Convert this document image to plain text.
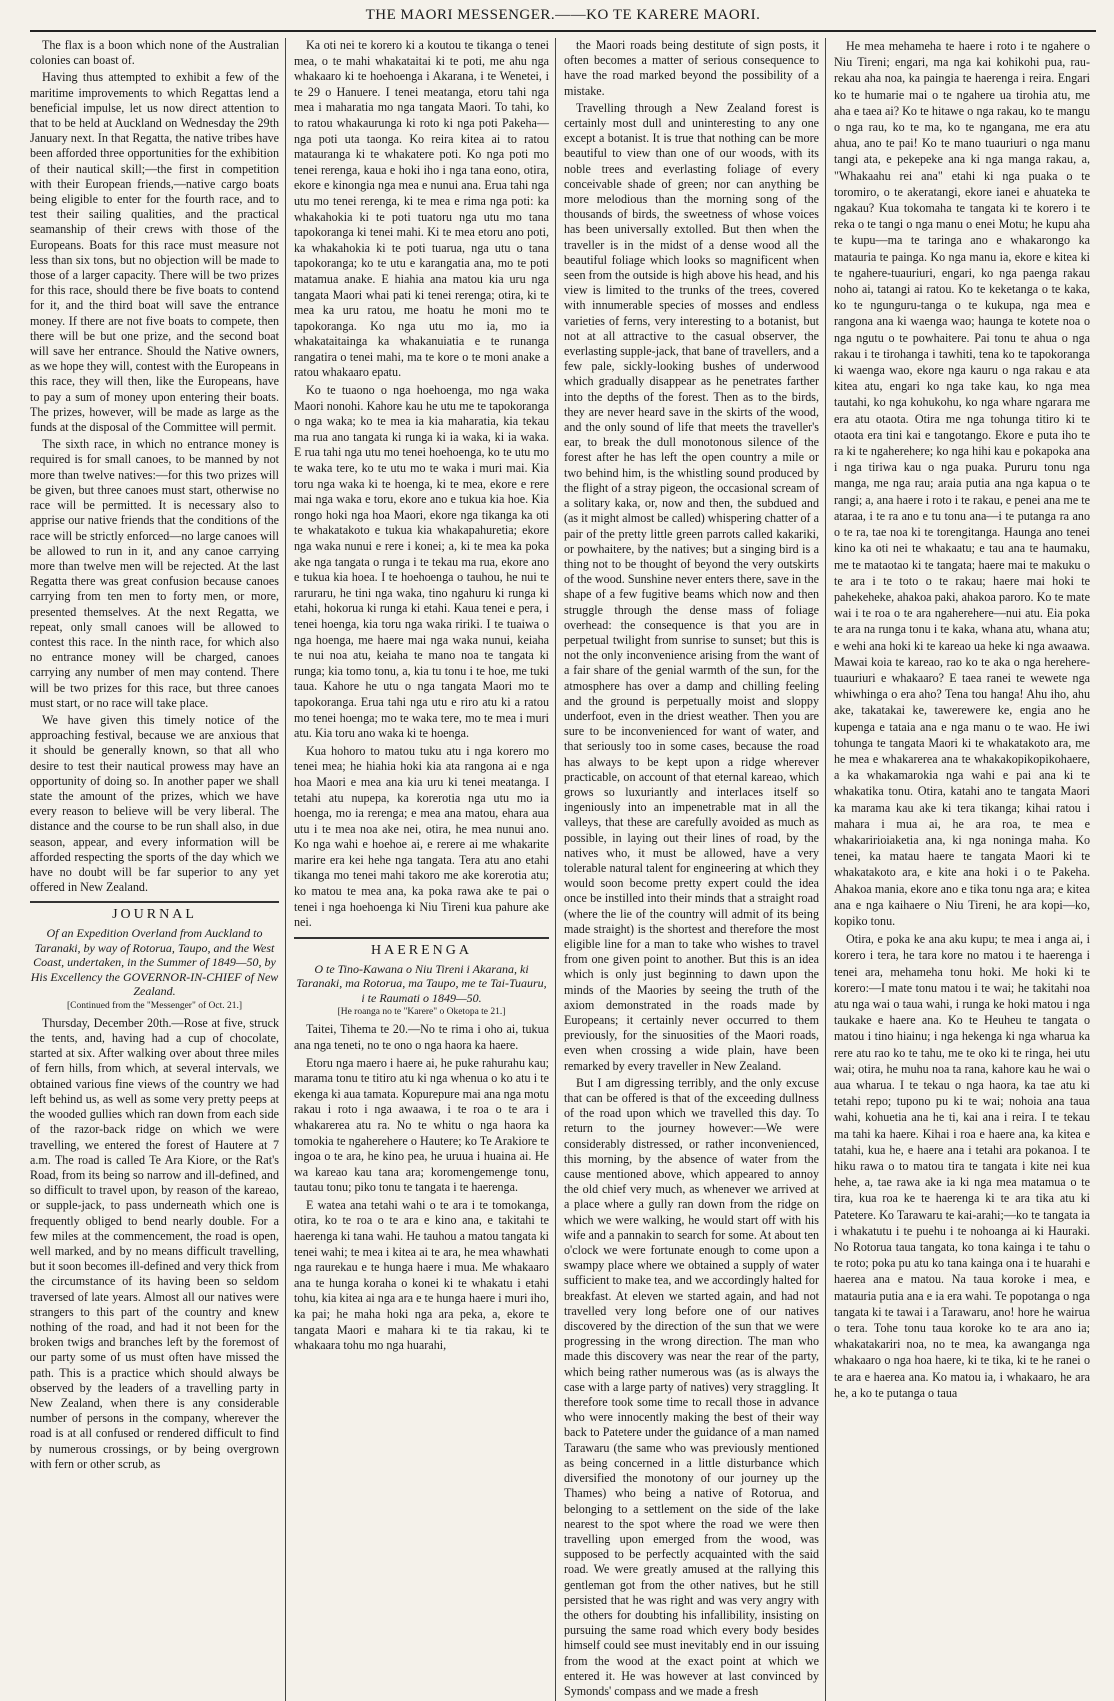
THE MAORI MESSENGER.——KO TE KARERE MAORI.

The flax is a boon which none of the Australian colonies can boast of.

Having thus attempted to exhibit a few of the maritime improvements to which Regattas lend a beneficial impulse, let us now direct attention to that to be held at Auckland on Wednesday the 29th January next. In that Regatta, the native tribes have been afforded three opportunities for the exhibition of their nautical skill;—the first in competition with their European friends,—native cargo boats being eligible to enter for the fourth race, and to test their sailing qualities, and the practical seamanship of their crews with those of the Europeans. Boats for this race must measure not less than six tons, but no objection will be made to those of a larger capacity. There will be two prizes for this race, should there be five boats to contend for it, and the third boat will save the entrance money. If there are not five boats to compete, then there will be but one prize, and the second boat will save her entrance. Should the Native owners, as we hope they will, contest with the Europeans in this race, they will then, like the Europeans, have to pay a sum of money upon entering their boats. The prizes, however, will be made as large as the funds at the disposal of the Committee will permit.

The sixth race, in which no entrance money is required is for small canoes, to be manned by not more than twelve natives:—for this two prizes will be given, but three canoes must start, otherwise no race will be permitted. It is necessary also to apprise our native friends that the conditions of the race will be strictly enforced—no large canoes will be allowed to run in it, and any canoe carrying more than twelve men will be rejected. At the last Regatta there was great confusion because canoes carrying from ten men to forty men, or more, presented themselves. At the next Regatta, we repeat, only small canoes will be allowed to contest this race. In the ninth race, for which also no entrance money will be charged, canoes carrying any number of men may contend. There will be two prizes for this race, but three canoes must start, or no race will take place.

We have given this timely notice of the approaching festival, because we are anxious that it should be generally known, so that all who desire to test their nautical prowess may have an opportunity of doing so. In another paper we shall state the amount of the prizes, which we have every reason to believe will be very liberal. The distance and the course to be run shall also, in due season, appear, and every information will be afforded respecting the sports of the day which we have no doubt will be far superior to any yet offered in New Zealand.

JOURNAL
Of an Expedition Overland from Auckland to Taranaki, by way of Rotorua, Taupo, and the West Coast, undertaken, in the Summer of 1849—50, by His Excellency the GOVERNOR-IN-CHIEF of New Zealand.
[Continued from the "Messenger" of Oct. 21.]

Thursday, December 20th.—Rose at five, struck the tents, and, having had a cup of chocolate, started at six. After walking over about three miles of fern hills, from which, at several intervals, we obtained various fine views of the country we had left behind us, as well as some very pretty peeps at the wooded gullies which ran down from each side of the razor-back ridge on which we were travelling, we entered the forest of Hautere at 7 a.m. The road is called Te Ara Kiore, or the Rat's Road, from its being so narrow and ill-defined, and so difficult to travel upon, by reason of the kareao, or supple-jack, to pass underneath which one is frequently obliged to bend nearly double. For a few miles at the commencement, the road is open, well marked, and by no means difficult travelling, but it soon becomes ill-defined and very thick from the circumstance of its having been so seldom traversed of late years. Almost all our natives were strangers to this part of the country and knew nothing of the road, and had it not been for the broken twigs and branches left by the foremost of our party some of us must often have missed the path. This is a practice which should always be observed by the leaders of a travelling party in New Zealand, when there is any considerable number of persons in the company, wherever the road is at all confused or rendered difficult to find by numerous crossings, or by being overgrown with fern or other scrub, as

Ka oti nei te korero ki a koutou te tikanga o tenei mea, o te mahi whakataitai ki te poti, me ahu nga whakaaro ki te hoehoenga i Akarana, i te Wenetei, i te 29 o Hanuere. I tenei meatanga, etoru tahi nga mea i maharatia mo nga tangata Maori. To tahi, ko to ratou whakaurunga ki roto ki nga poti Pakeha—nga poti uta taonga. Ko reira kitea ai to ratou matauranga ki te whakatere poti. Ko nga poti mo tenei rerenga, kaua e hoki iho i nga tana eono, otira, ekore e kinongia nga mea e nunui ana. Erua tahi nga utu mo tenei rerenga, ki te mea e rima nga poti: ka whakahokia ki te poti tuatoru nga utu mo tana tapokoranga ki tenei mahi. Ki te mea etoru ano poti, ka whakahokia ki te poti tuarua, nga utu o tana tapokoranga; ko te utu e karangatia ana, mo te poti matamua anake. E hiahia ana matou kia uru nga tangata Maori whai pati ki tenei rerenga; otira, ki te mea ka uru ratou, me hoatu he moni mo te tapokoranga. Ko nga utu mo ia, mo ia whakataitainga ka whakanuiatia e te runanga rangatira o tenei mahi, ma te kore o te moni anake a ratou whakaaro epatu.

Ko te tuaono o nga hoehoenga, mo nga waka Maori nonohi. Kahore kau he utu me te tapokoranga o nga waka; ko te mea ia kia maharatia, kia tekau ma rua ano tangata ki runga ki ia waka, ki ia waka. E rua tahi nga utu mo tenei hoehoenga, ko te utu mo te waka tere, ko te utu mo te waka i muri mai. Kia toru nga waka ki te hoenga, ki te mea, ekore e rere mai nga waka e toru, ekore ano e tukua kia hoe. Kia rongo hoki nga hoa Maori, ekore nga tikanga ka oti te whakatakoto e tukua kia whakapahuretia; ekore nga waka nunui e rere i konei; a, ki te mea ka poka ake nga tangata o runga i te tekau ma rua, ekore ano e tukua kia hoea. I te hoehoenga o tauhou, he nui te raruraru, he tini nga waka, tino ngahuru ki runga ki etahi, hokorua ki runga ki etahi. Kaua tenei e pera, i tenei hoenga, kia toru nga waka ririki. I te tuaiwa o nga hoenga, me haere mai nga waka nunui, keiaha te nui noa atu, keiaha te mano noa te tangata ki runga; kia tomo tonu, a, kia tu tonu i te hoe, me tuki taua. Kahore he utu o nga tangata Maori mo te tapokoranga. Erua tahi nga utu e riro atu ki a ratou mo tenei hoenga; mo te waka tere, mo te mea i muri atu. Kia toru ano waka ki te hoenga.

Kua hohoro to matou tuku atu i nga korero mo tenei mea; he hiahia hoki kia ata rangona ai e nga hoa Maori e mea ana kia uru ki tenei meatanga. I tetahi atu nupepa, ka korerotia nga utu mo ia hoenga, mo ia rerenga; e mea ana matou, ehara aua utu i te mea noa ake nei, otira, he mea nunui ano. Ko nga wahi e hoehoe ai, e rerere ai me whakarite marire era kei hehe nga tangata. Tera atu ano etahi tikanga mo tenei mahi takoro me ake korerotia atu; ko matou te mea ana, ka poka rawa ake te pai o tenei i nga hoehoenga ki Niu Tireni kua pahure ake nei.

HAERENGA
O te Tino-Kawana o Niu Tireni i Akarana, ki Taranaki, ma Rotorua, ma Taupo, me te Tai-Tuauru, i te Raumati o 1849—50.
[He roanga no te "Karere" o Oketopa te 21.]

Taitei, Tihema te 20.—No te rima i oho ai, tukua ana nga teneti, no te ono o nga haora ka haere.

Etoru nga maero i haere ai, he puke rahurahu kau; marama tonu te titiro atu ki nga whenua o ko atu i te ekenga ki aua tamata. Kopurepure mai ana nga motu rakau i roto i nga awaawa, i te roa o te ara i whakarerea atu ra. No te whitu o nga haora ka tomokia te ngaherehere o Hautere; ko Te Arakiore te ingoa o te ara, he kino pea, he uruua i huaina ai. He wa kareao kau tana ara; koromengemenge tonu, tautau tonu; piko tonu te tangata i te haerenga.

E watea ana tetahi wahi o te ara i te tomokanga, otira, ko te roa o te ara e kino ana, e takitahi te haerenga ki tana wahi. He tauhou a matou tangata ki tenei wahi; te mea i kitea ai te ara, he mea whawhati nga raurekau e te hunga haere i mua. Me whakaaro ana te hunga koraha o konei ki te whakatu i etahi tohu, kia kitea ai nga ara e te hunga haere i muri iho, ka pai; he maha hoki nga ara peka, a, ekore te tangata Maori e mahara ki te tia rakau, ki te whakaara tohu mo nga huarahi,

the Maori roads being destitute of sign posts, it often becomes a matter of serious consequence to have the road marked beyond the possibility of a mistake.

Travelling through a New Zealand forest is certainly most dull and uninteresting to any one except a botanist. It is true that nothing can be more beautiful to view than one of our woods, with its noble trees and everlasting foliage of every conceivable shade of green; nor can anything be more melodious than the morning song of the thousands of birds, the sweetness of whose voices has been universally extolled. But then when the traveller is in the midst of a dense wood all the beautiful foliage which looks so magnificent when seen from the outside is high above his head, and his view is limited to the trunks of the trees, covered with innumerable species of mosses and endless varieties of ferns, very interesting to a botanist, but not at all attractive to the casual observer, the everlasting supple-jack, that bane of travellers, and a few pale, sickly-looking bushes of underwood which gradually disappear as he penetrates farther into the depths of the forest. Then as to the birds, they are never heard save in the skirts of the wood, and the only sound of life that meets the traveller's ear, to break the dull monotonous silence of the forest after he has left the open country a mile or two behind him, is the whistling sound produced by the flight of a stray pigeon, the occasional scream of a solitary kaka, or, now and then, the subdued and (as it might almost be called) whispering chatter of a pair of the pretty little green parrots called kakariki, or powhaitere, by the natives; but a singing bird is a thing not to be thought of beyond the very outskirts of the wood. Sunshine never enters there, save in the shape of a few fugitive beams which now and then struggle through the dense mass of foliage overhead: the consequence is that you are in perpetual twilight from sunrise to sunset; but this is not the only inconvenience arising from the want of a fair share of the genial warmth of the sun, for the atmosphere has over a damp and chilling feeling and the ground is perpetually moist and sloppy underfoot, even in the driest weather. Then you are sure to be inconvenienced for want of water, and that seriously too in some cases, because the road has always to be kept upon a ridge wherever practicable, on account of that eternal kareao, which grows so luxuriantly and interlaces itself so ingeniously into an impenetrable mat in all the valleys, that these are carefully avoided as much as possible, in laying out their lines of road, by the natives who, it must be allowed, have a very tolerable natural talent for engineering at which they would soon become pretty expert could the idea once be instilled into their minds that a straight road (where the lie of the country will admit of its being made straight) is the shortest and therefore the most eligible line for a man to take who wishes to travel from one given point to another. But this is an idea which is only just beginning to dawn upon the minds of the Maories by seeing the truth of the axiom demonstrated in the roads made by Europeans; it certainly never occurred to them previously, for the sinuosities of the Maori roads, even when crossing a wide plain, have been remarked by every traveller in New Zealand.

But I am digressing terribly, and the only excuse that can be offered is that of the exceeding dullness of the road upon which we travelled this day. To return to the journey however:—We were considerably distressed, or rather inconvenienced, this morning, by the absence of water from the cause mentioned above, which appeared to annoy the old chief very much, as whenever we arrived at a place where a gully ran down from the ridge on which we were walking, he would start off with his wife and a pannakin to search for some. At about ten o'clock we were fortunate enough to come upon a swampy place where we obtained a supply of water sufficient to make tea, and we accordingly halted for breakfast. At eleven we started again, and had not travelled very long before one of our natives discovered by the direction of the sun that we were progressing in the wrong direction. The man who made this discovery was near the rear of the party, which being rather numerous was (as is always the case with a large party of natives) very straggling. It therefore took some time to recall those in advance who were innocently making the best of their way back to Patetere under the guidance of a man named Tarawaru (the same who was previously mentioned as being concerned in a little disturbance which diversified the monotony of our journey up the Thames) who being a native of Rotorua, and belonging to a settlement on the side of the lake nearest to the spot where the road we were then travelling upon emerged from the wood, was supposed to be perfectly acquainted with the said road. We were greatly amused at the rallying this gentleman got from the other natives, but he still persisted that he was right and was very angry with the others for doubting his infallibility, insisting on pursuing the same road which every body besides himself could see must inevitably end in our issuing from the wood at the exact point at which we entered it. He was however at last convinced by Symonds' compass and we made a fresh

He mea mehameha te haere i roto i te ngahere o Niu Tireni; engari, ma nga kai kohikohi pua, rau-rekau aha noa, ka paingia te haerenga i reira. Engari ko te humarie mai o te ngahere ua tirohia atu, me aha e taea ai? Ko te hitawe o nga rakau, ko te mangu o nga rau, ko te ma, ko te ngangana, me era atu ahua, ano te pai! Ko te mano tuauriuri o nga manu tangi ata, e pekepeke ana ki nga manga rakau, a, "Whakaahu rei ana" etahi ki nga puaka o te toromiro, o te akeratangi, ekore ianei e ahuateka te ngakau? Kua tokomaha te tangata ki te korero i te reka o te tangi o nga manu o enei Motu; he kupu aha te kupu—ma te taringa ano e whakarongo ka matauria te painga. Ko nga manu ia, ekore e kitea ki te ngahere-tuauriuri, engari, ko nga paenga rakau noho ai, tatangi ai ratou. Ko te keketanga o te kaka, ko te ngunguru-tanga o te kukupa, nga mea e rangona ana ki waenga wao; haunga te kotete noa o nga ngutu o te powhaitere. Pai tonu te ahua o nga rakau i te tirohanga i tawhiti, tena ko te tapokoranga ki waenga wao, ekore nga kauru o nga rakau e ata kitea atu, engari ko nga take kau, ko nga mea tautahi, ko nga kohukohu, ko nga whare ngarara me era atu otaota. Otira me nga tohunga titiro ki te otaota era tini kai e tangotango. Ekore e puta iho te ra ki te ngaherehere; ko nga hihi kau e pokapoka ana i nga tiriwa kau o nga puaka. Pururu tonu nga manga, me nga rau; araia putia ana nga kapua o te rangi; a, ana haere i roto i te rakau, e penei ana me te ataraa, i te ra ano e tu tonu ana—i te putanga ra ano o te ra, tae noa ki te torengitanga. Haunga ano tenei kino ka oti nei te whakaatu; e tau ana te haumaku, me te mataotao ki te tangata; haere mai te makuku o te ara i te toto o te rakau; haere mai hoki te pahekeheke, ahakoa paki, ahakoa paroro. Ko te mate wai i te roa o te ara ngaherehere—nui atu. Eia poka te ara na runga tonu i te kaka, whana atu, whana atu; e wehi ana hoki ki te kareao ua heke ki nga awaawa. Mawai koia te kareao, rao ko te aka o nga herehere-tuauriuri e whakaaro? E taea ranei te wewete nga whiwhinga o era aho? Tena tou hanga! Ahu iho, ahu ake, takatakai ke, tawerewere ke, engia ano he kupenga e tataia ana e nga manu o te wao. He iwi tohunga te tangata Maori ki te whakatakoto ara, me he mea e whakarerea ana te whakakopikopikohaere, a ka whakamarokia nga wahi e pai ana ki te whakatika tonu. Otira, katahi ano te tangata Maori ka marama kau ake ki tera tikanga; kihai ratou i mahara i mua ai, he ara roa, te mea e whakaririoiaketia ana, ki nga noninga maha. Ko tenei, ka matau haere te tangata Maori ki te whakatakoto ara, e kite ana hoki i o te Pakeha. Ahakoa mania, ekore ano e tika tonu nga ara; e kitea ana e nga kaihaere o Niu Tireni, he ara kopi—ko, kopiko tonu.

Otira, e poka ke ana aku kupu; te mea i anga ai, i korero i tera, he tara kore no matou i te haerenga i tenei ara, mehameha tonu hoki. Me hoki ki te korero:—I mate tonu matou i te wai; he takitahi noa atu nga wai o taua wahi, i runga ke hoki matou i nga taukake e haere ana. Ko te Heuheu te tangata o matou i tino hiainu; i nga hekenga ki nga wharua ka rere atu rao ko te tahu, me te oko ki te ringa, hei utu wai; otira, he muhu noa ta rana, kahore kau he wai o aua wharua. I te tekau o nga haora, ka tae atu ki tetahi repo; tupono pu ki te wai; nohoia ana taua wahi, kohuetia ana he ti, kai ana i reira. I te tekau ma tahi ka haere. Kihai i roa e haere ana, ka kitea e tatahi, kua he, e haere ana i tetahi ara pokanoa. I te hiku rawa o to matou tira te tangata i kite nei kua hehe, a, tae rawa ake ia ki nga mea matamua o te tira, kua roa ke te haerenga ki te ara tika atu ki Patetere. Ko Tarawaru te kai-arahi;—ko te tangata ia i whakatutu i te puehu i te nohoanga ai ki Hauraki. No Rotorua taua tangata, ko tona kainga i te tahu o te roto; poka pu atu ko tana kainga ona i te huarahi e haerea ana e matou. Na taua koroke i mea, e matauria putia ana e ia era wahi. Te popotanga o nga tangata ki te tawai i a Tarawaru, ano! hore he wairua o tera. Tohe tonu taua koroke ko te ara ano ia; whakatakariri noa, no te mea, ka awanganga nga whakaaro o nga hoa haere, ki te tika, ki te he ranei o te ara e haerea ana. Ko matou ia, i whakaaro, he ara he, a ko te putanga o taua
